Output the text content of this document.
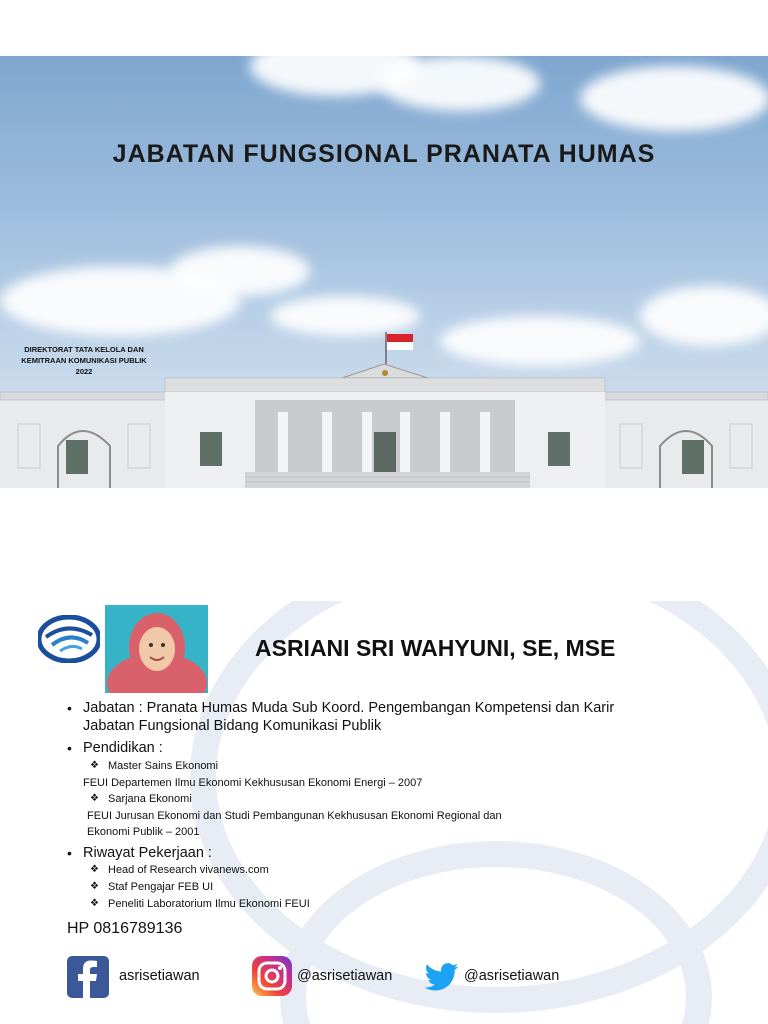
JABATAN FUNGSIONAL PRANATA HUMAS
DIREKTORAT TATA KELOLA DAN
KEMITRAAN KOMUNIKASI PUBLIK
2022
ASRIANI SRI WAHYUNI, SE, MSE
• Jabatan : Pranata Humas Muda Sub Koord. Pengembangan Kompetensi dan Karir
Jabatan Fungsional Bidang Komunikasi Publik
• Pendidikan :
❖ Master Sains Ekonomi
FEUI Departemen Ilmu Ekonomi Kekhususan Ekonomi Energi – 2007
❖ Sarjana Ekonomi
FEUI Jurusan Ekonomi dan Studi Pembangunan Kekhususan Ekonomi Regional dan
Ekonomi Publik – 2001
• Riwayat Pekerjaan :
❖ Head of Research vivanews.com
❖ Staf Pengajar FEB UI
❖ Peneliti Laboratorium Ilmu Ekonomi FEUI
HP 0816789136
asrisetiawan	@asrisetiawan	@asrisetiawan
